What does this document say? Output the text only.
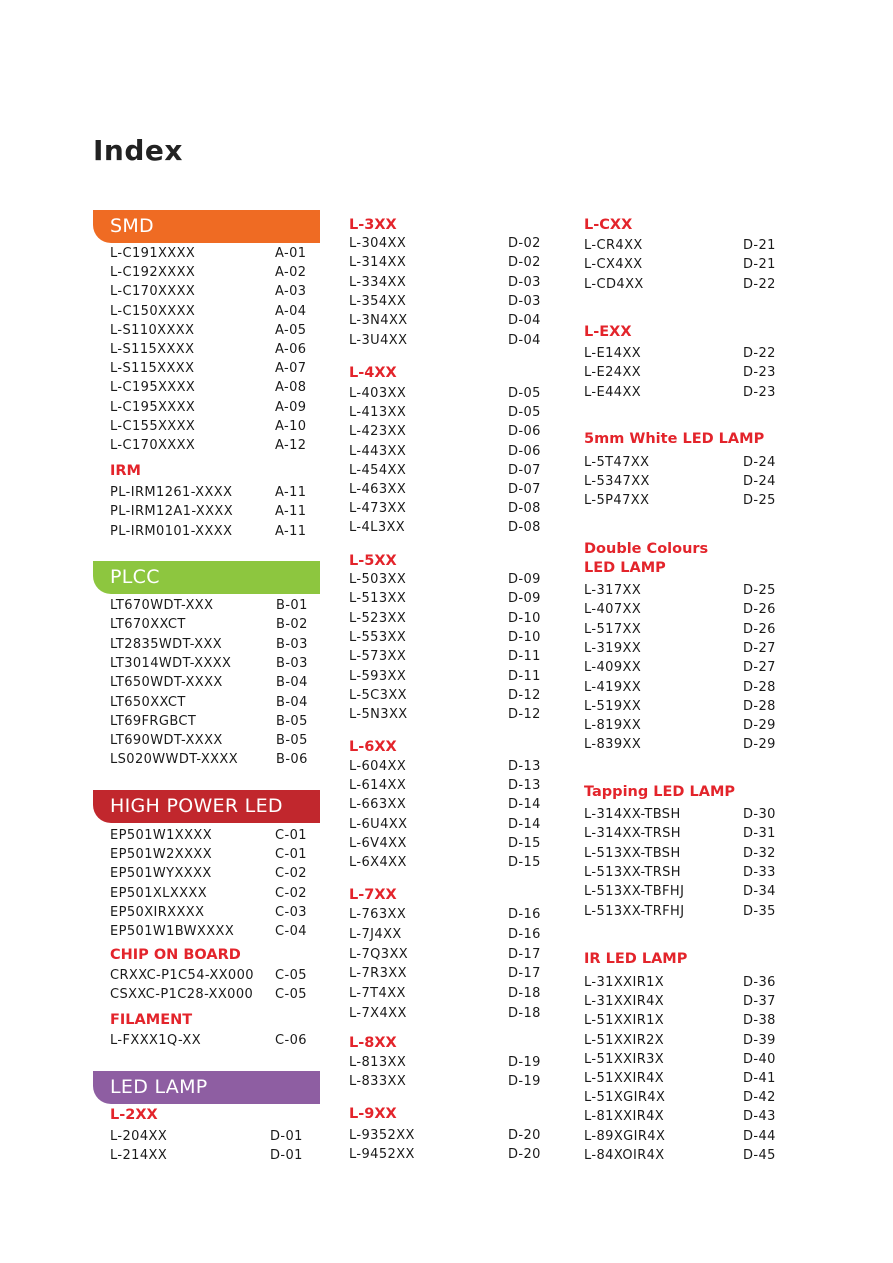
Index
SMD
PLCC
HIGH POWER LED
LED LAMP
IRM
CHIP ON BOARD
FILAMENT
L-2XX
L-3XX
L-4XX
L-5XX
L-6XX
L-7XX
L-8XX
L-9XX
L-CXX
L-EXX
5mm White LED LAMP
Double Colours
LED LAMP
Tapping LED LAMP
IR LED LAMP
L-C191XXXX	A-01
L-C192XXXX	A-02
L-C170XXXX	A-03
L-C150XXXX	A-04
L-S110XXXX	A-05
L-S115XXXX	A-06
L-S115XXXX	A-07
L-C195XXXX	A-08
L-C195XXXX	A-09
L-C155XXXX	A-10
L-C170XXXX	A-12
PL-IRM1261-XXXX	A-11
PL-IRM12A1-XXXX	A-11
PL-IRM0101-XXXX	A-11
LT670WDT-XXX	B-01
LT670XXCT	B-02
LT2835WDT-XXX	B-03
LT3014WDT-XXXX	B-03
LT650WDT-XXXX	B-04
LT650XXCT	B-04
LT69FRGBCT	B-05
LT690WDT-XXXX	B-05
LS020WWDT-XXXX	B-06
EP501W1XXXX	C-01
EP501W2XXXX	C-01
EP501WYXXXX	C-02
EP501XLXXXX	C-02
EP50XIRXXXX	C-03
EP501W1BWXXXX	C-04
CRXXC-P1C54-XX000 C-05
CSXXC-P1C28-XX000 C-05
L-FXXX1Q-XX	C-06
L-204XX	D-01
L-214XX	D-01
L-304XX	D-02
L-314XX	D-02
L-334XX	D-03
L-354XX	D-03
L-3N4XX	D-04
L-3U4XX	D-04
L-403XX	D-05
L-413XX	D-05
L-423XX	D-06
L-443XX	D-06
L-454XX	D-07
L-463XX	D-07
L-473XX	D-08
L-4L3XX	D-08
L-503XX	D-09
L-513XX	D-09
L-523XX	D-10
L-553XX	D-10
L-573XX	D-11
L-593XX	D-11
L-5C3XX	D-12
L-5N3XX	D-12
L-604XX	D-13
L-614XX	D-13
L-663XX	D-14
L-6U4XX	D-14
L-6V4XX	D-15
L-6X4XX	D-15
L-763XX	D-16
L-7J4XX	D-16
L-7Q3XX	D-17
L-7R3XX	D-17
L-7T4XX	D-18
L-7X4XX	D-18
L-813XX	D-19
L-833XX	D-19
L-9352XX	D-20
L-9452XX	D-20
L-CR4XX	D-21
L-CX4XX	D-21
L-CD4XX	D-22
L-E14XX	D-22
L-E24XX	D-23
L-E44XX	D-23
L-5T47XX	D-24
L-5347XX	D-24
L-5P47XX	D-25
L-317XX	D-25
L-407XX	D-26
L-517XX	D-26
L-319XX	D-27
L-409XX	D-27
L-419XX	D-28
L-519XX	D-28
L-819XX	D-29
L-839XX	D-29
L-314XX-TBSH	D-30
L-314XX-TRSH	D-31
L-513XX-TBSH	D-32
L-513XX-TRSH	D-33
L-513XX-TBFHJ	D-34
L-513XX-TRFHJ	D-35
L-31XXIR1X	D-36
L-31XXIR4X	D-37
L-51XXIR1X	D-38
L-51XXIR2X	D-39
L-51XXIR3X	D-40
L-51XXIR4X	D-41
L-51XGIR4X	D-42
L-81XXIR4X	D-43
L-89XGIR4X	D-44
L-84XOIR4X	D-45
